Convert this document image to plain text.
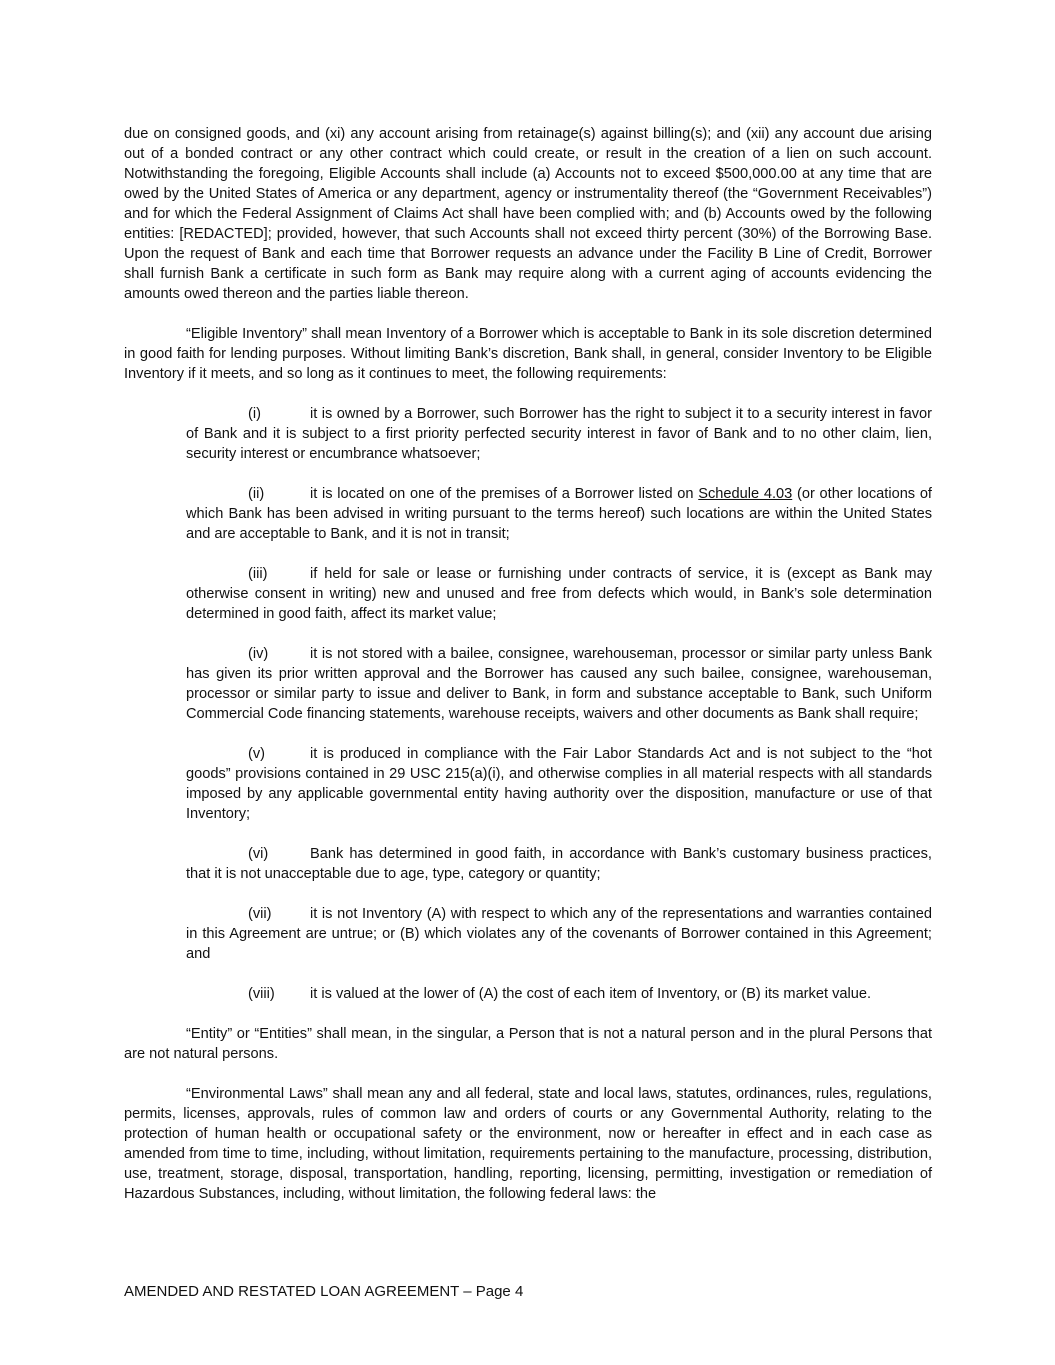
due on consigned goods, and (xi) any account arising from retainage(s) against billing(s); and (xii) any account due arising out of a bonded contract or any other contract which could create, or result in the creation of a lien on such account. Notwithstanding the foregoing, Eligible Accounts shall include (a) Accounts not to exceed $500,000.00 at any time that are owed by the United States of America or any department, agency or instrumentality thereof (the “Government Receivables”) and for which the Federal Assignment of Claims Act shall have been complied with; and (b) Accounts owed by the following entities: [REDACTED]; provided, however, that such Accounts shall not exceed thirty percent (30%) of the Borrowing Base. Upon the request of Bank and each time that Borrower requests an advance under the Facility B Line of Credit, Borrower shall furnish Bank a certificate in such form as Bank may require along with a current aging of accounts evidencing the amounts owed thereon and the parties liable thereon.

“Eligible Inventory” shall mean Inventory of a Borrower which is acceptable to Bank in its sole discretion determined in good faith for lending purposes. Without limiting Bank’s discretion, Bank shall, in general, consider Inventory to be Eligible Inventory if it meets, and so long as it continues to meet, the following requirements:

(i)	it is owned by a Borrower, such Borrower has the right to subject it to a security interest in favor of Bank and it is subject to a first priority perfected security interest in favor of Bank and to no other claim, lien, security interest or encumbrance whatsoever;

(ii)	it is located on one of the premises of a Borrower listed on Schedule 4.03 (or other locations of which Bank has been advised in writing pursuant to the terms hereof) such locations are within the United States and are acceptable to Bank, and it is not in transit;

(iii)	if held for sale or lease or furnishing under contracts of service, it is (except as Bank may otherwise consent in writing) new and unused and free from defects which would, in Bank’s sole determination determined in good faith, affect its market value;

(iv)	it is not stored with a bailee, consignee, warehouseman, processor or similar party unless Bank has given its prior written approval and the Borrower has caused any such bailee, consignee, warehouseman, processor or similar party to issue and deliver to Bank, in form and substance acceptable to Bank, such Uniform Commercial Code financing statements, warehouse receipts, waivers and other documents as Bank shall require;

(v)	it is produced in compliance with the Fair Labor Standards Act and is not subject to the “hot goods” provisions contained in 29 USC 215(a)(i), and otherwise complies in all material respects with all standards imposed by any applicable governmental entity having authority over the disposition, manufacture or use of that Inventory;

(vi)	Bank has determined in good faith, in accordance with Bank’s customary business practices, that it is not unacceptable due to age, type, category or quantity;

(vii)	it is not Inventory (A) with respect to which any of the representations and warranties contained in this Agreement are untrue; or (B) which violates any of the covenants of Borrower contained in this Agreement; and

(viii) it is valued at the lower of (A) the cost of each item of Inventory, or (B) its market value.

“Entity” or “Entities” shall mean, in the singular, a Person that is not a natural person and in the plural Persons that are not natural persons.

“Environmental Laws” shall mean any and all federal, state and local laws, statutes, ordinances, rules, regulations, permits, licenses, approvals, rules of common law and orders of courts or any Governmental Authority, relating to the protection of human health or occupational safety or the environment, now or hereafter in effect and in each case as amended from time to time, including, without limitation, requirements pertaining to the manufacture, processing, distribution, use, treatment, storage, disposal, transportation, handling, reporting, licensing, permitting, investigation or remediation of Hazardous Substances, including, without limitation, the following federal laws: the

AMENDED AND RESTATED LOAN AGREEMENT – Page 4
